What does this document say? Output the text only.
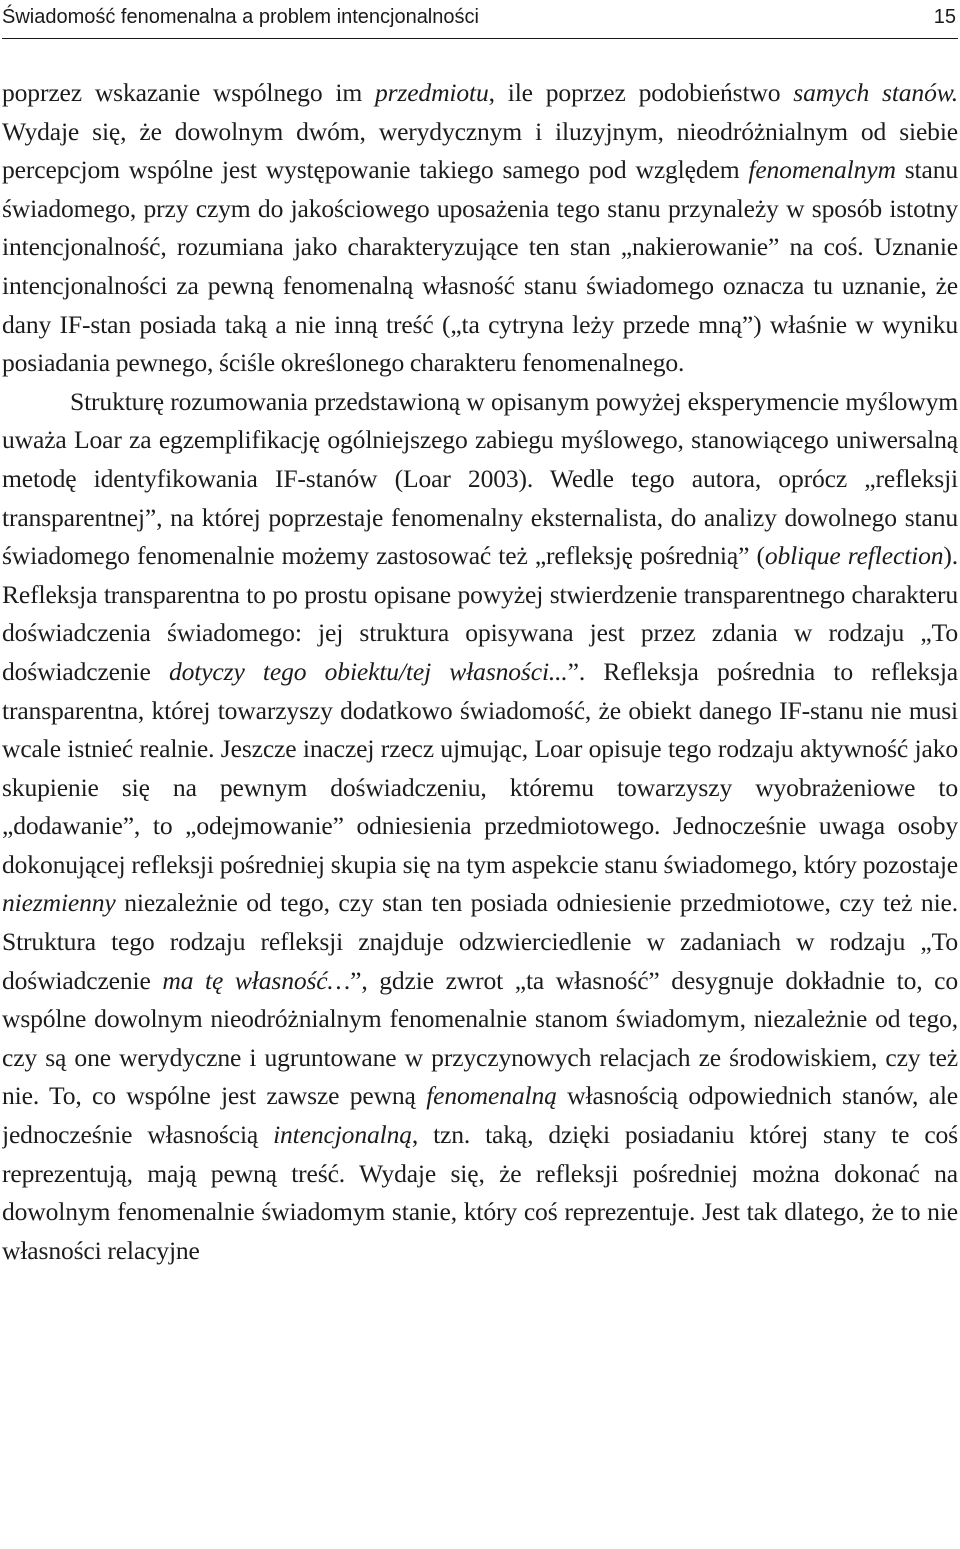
Świadomość fenomenalna a problem intencjonalności	15

poprzez wskazanie wspólnego im przedmiotu, ile poprzez podobieństwo samych stanów. Wydaje się, że dowolnym dwóm, werydycznym i iluzyjnym, nieodróżnialnym od siebie percepcjom wspólne jest występowanie takiego samego pod względem fenomenalnym stanu świadomego, przy czym do jakościowego uposażenia tego stanu przynależy w sposób istotny intencjonalność, rozumiana jako charakteryzujące ten stan „nakierowanie” na coś. Uznanie intencjonalności za pewną fenomenalną własność stanu świadomego oznacza tu uznanie, że dany IF-stan posiada taką a nie inną treść („ta cytryna leży przede mną”) właśnie w wyniku posiadania pewnego, ściśle określonego charakteru fenomenalnego.

Strukturę rozumowania przedstawioną w opisanym powyżej eksperymencie myślowym uważa Loar za egzemplifikację ogólniejszego zabiegu myślowego, stanowiącego uniwersalną metodę identyfikowania IF-stanów (Loar 2003). Wedle tego autora, oprócz „refleksji transparentnej”, na której poprzestaje fenomenalny eksternalista, do analizy dowolnego stanu świadomego fenomenalnie możemy zastosować też „refleksję pośrednią” (oblique reflection). Refleksja transparentna to po prostu opisane powyżej stwierdzenie transparentnego charakteru doświadczenia świadomego: jej struktura opisywana jest przez zdania w rodzaju „To doświadczenie dotyczy tego obiektu/tej własności...”. Refleksja pośrednia to refleksja transparentna, której towarzyszy dodatkowo świadomość, że obiekt danego IF-stanu nie musi wcale istnieć realnie. Jeszcze inaczej rzecz ujmując, Loar opisuje tego rodzaju aktywność jako skupienie się na pewnym doświadczeniu, któremu towarzyszy wyobrażeniowe to „dodawanie”, to „odejmowanie” odniesienia przedmiotowego. Jednocześnie uwaga osoby dokonującej refleksji pośredniej skupia się na tym aspekcie stanu świadomego, który pozostaje niezmienny niezależnie od tego, czy stan ten posiada odniesienie przedmiotowe, czy też nie. Struktura tego rodzaju refleksji znajduje odzwierciedlenie w zadaniach w rodzaju „To doświadczenie ma tę własność…”, gdzie zwrot „ta własność” desygnuje dokładnie to, co wspólne dowolnym nieodróżnialnym fenomenalnie stanom świadomym, niezależnie od tego, czy są one werydyczne i ugruntowane w przyczynowych relacjach ze środowiskiem, czy też nie. To, co wspólne jest zawsze pewną fenomenalną własnością odpowiednich stanów, ale jednocześnie własnością intencjonalną, tzn. taką, dzięki posiadaniu której stany te coś reprezentują, mają pewną treść. Wydaje się, że refleksji pośredniej można dokonać na dowolnym fenomenalnie świadomym stanie, który coś reprezentuje. Jest tak dlatego, że to nie własności relacyjne
